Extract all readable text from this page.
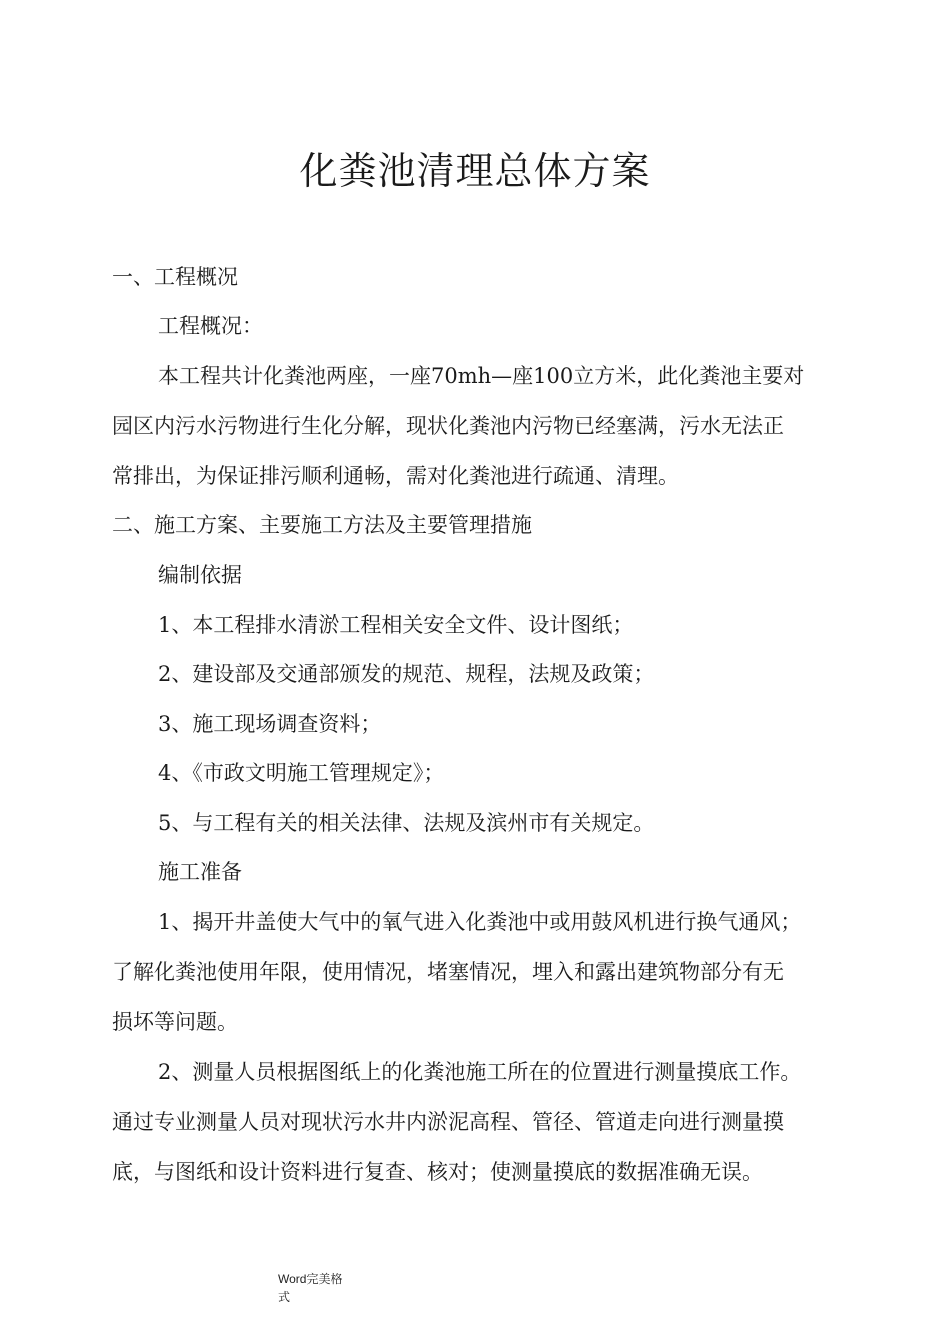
化粪池清理总体方案
一、工程概况
工程概况：
本工程共计化粪池两座，一座70mh—座100立方米，此化粪池主要对
园区内污水污物进行生化分解，现状化粪池内污物已经塞满，污水无法正
常排出，为保证排污顺利通畅，需对化粪池进行疏通、清理。
二、施工方案、主要施工方法及主要管理措施
编制依据
1、本工程排水清淤工程相关安全文件、设计图纸；
2、建设部及交通部颁发的规范、规程，法规及政策；
3、施工现场调查资料；
4、《市政文明施工管理规定》；
5、与工程有关的相关法律、法规及滨州市有关规定。
施工准备
1、揭开井盖使大气中的氧气进入化粪池中或用鼓风机进行换气通风；
了解化粪池使用年限，使用情况，堵塞情况，埋入和露出建筑物部分有无
损坏等问题。
2、测量人员根据图纸上的化粪池施工所在的位置进行测量摸底工作。
通过专业测量人员对现状污水井内淤泥高程、管径、管道走向进行测量摸
底，与图纸和设计资料进行复查、核对；使测量摸底的数据准确无误。
Word完美格
式
